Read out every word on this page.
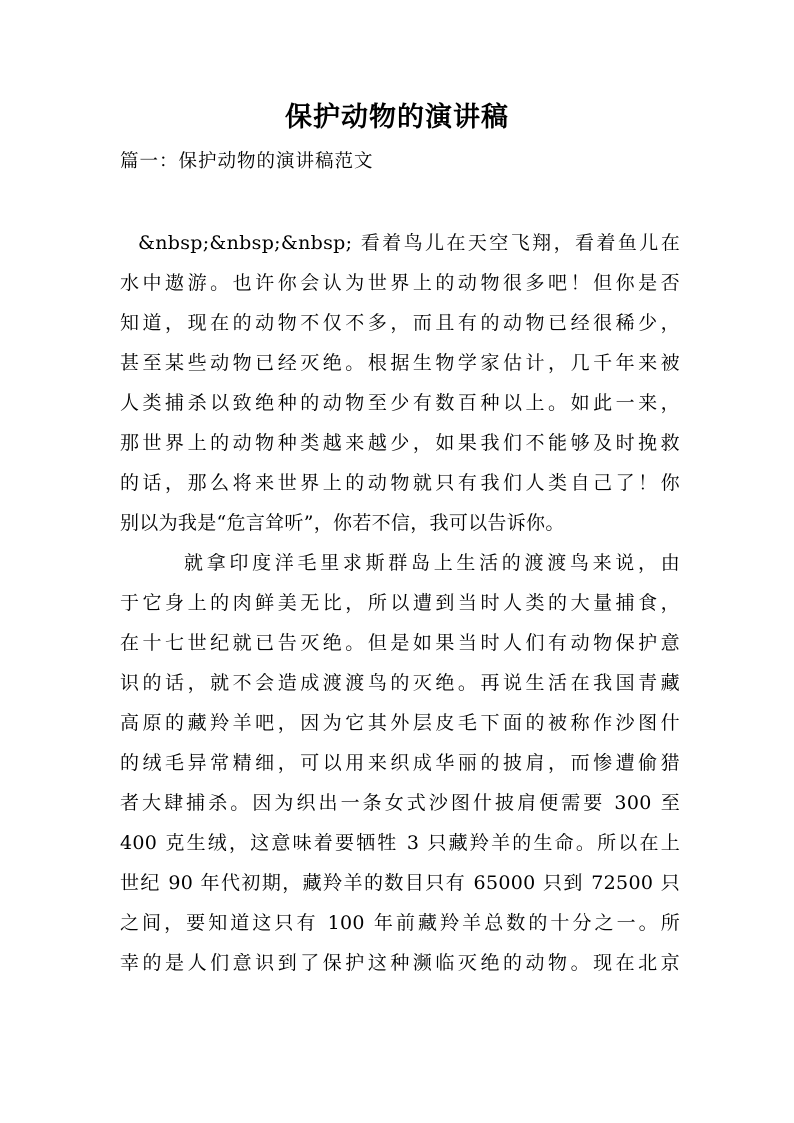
保护动物的演讲稿
篇一：保护动物的演讲稿范文
&nbsp;&nbsp;&nbsp; 看着鸟儿在天空飞翔，看着鱼儿在
水中遨游。也许你会认为世界上的动物很多吧！但你是否
知道，现在的动物不仅不多，而且有的动物已经很稀少，
甚至某些动物已经灭绝。根据生物学家估计，几千年来被
人类捕杀以致绝种的动物至少有数百种以上。如此一来，
那世界上的动物种类越来越少，如果我们不能够及时挽救
的话，那么将来世界上的动物就只有我们人类自己了！你
别以为我是“危言耸听”，你若不信，我可以告诉你。
就拿印度洋毛里求斯群岛上生活的渡渡鸟来说，由
于它身上的肉鲜美无比，所以遭到当时人类的大量捕食，
在十七世纪就已告灭绝。但是如果当时人们有动物保护意
识的话，就不会造成渡渡鸟的灭绝。再说生活在我国青藏
高原的藏羚羊吧，因为它其外层皮毛下面的被称作沙图什
的绒毛异常精细，可以用来织成华丽的披肩，而惨遭偷猎
者大肆捕杀。因为织出一条女式沙图什披肩便需要 300 至
400 克生绒，这意味着要牺牲 3 只藏羚羊的生命。所以在上
世纪 90 年代初期，藏羚羊的数目只有 65000 只到 72500 只
之间，要知道这只有 100 年前藏羚羊总数的十分之一。所
幸的是人们意识到了保护这种濒临灭绝的动物。现在北京
